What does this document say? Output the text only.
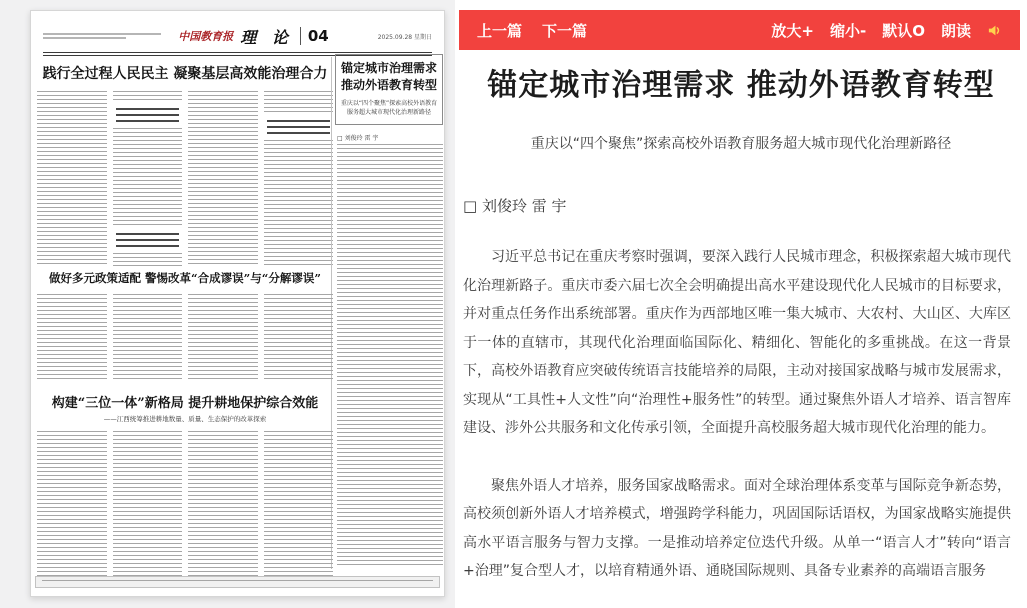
中国教育报 理 论	04	2025.09.28 星期日
践行全过程人民民主 凝聚基层高效能治理合力	锚定城市治理需求
推动外语教育转型
重庆以“四个聚焦”探索高校外语教育服务超大城市现代化治理新路径
□ 刘俊玲 雷 宇
做好多元政策适配 警惕改革“合成谬误”与“分解谬误”
构建“三位一体”新格局 提升耕地保护综合效能
——江西统筹推进耕地数量、质量、生态保护的改革探索
上一篇 下一篇	放大+ 缩小- 默认O 朗读
锚定城市治理需求 推动外语教育转型
重庆以“四个聚焦”探索高校外语教育服务超大城市现代化治理新路径
□ 刘俊玲 雷 宇

习近平总书记在重庆考察时强调，要深入践行人民城市理念，积极探索超大城市现代化治理新路子。重庆市委六届七次全会明确提出高水平建设现代化人民城市的目标要求，并对重点任务作出系统部署。重庆作为西部地区唯一集大城市、大农村、大山区、大库区于一体的直辖市，其现代化治理面临国际化、精细化、智能化的多重挑战。在这一背景下，高校外语教育应突破传统语言技能培养的局限，主动对接国家战略与城市发展需求，实现从“工具性+人文性”向“治理性+服务性”的转型。通过聚焦外语人才培养、语言智库建设、涉外公共服务和文化传承引领，全面提升高校服务超大城市现代化治理的能力。

聚焦外语人才培养，服务国家战略需求。面对全球治理体系变革与国际竞争新态势，高校须创新外语人才培养模式，增强跨学科能力，巩固国际话语权，为国家战略实施提供高水平语言服务与智力支撑。一是推动培养定位迭代升级。从单一“语言人才”转向“语言+治理”复合型人才，以培育精通外语、通晓国际规则、具备专业素养的高端语言服务
